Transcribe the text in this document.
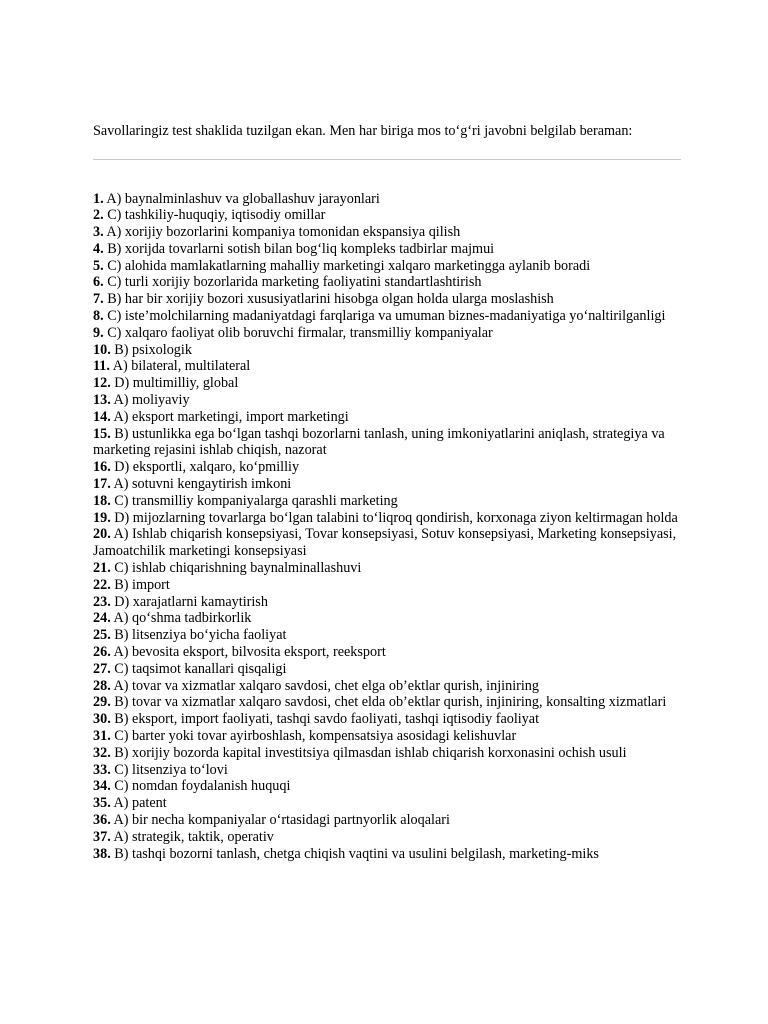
Savollaringiz test shaklida tuzilgan ekan. Men har biriga mos to‘g‘ri javobni belgilab beraman:

1. A) baynalminlashuv va globallashuv jarayonlari
2. C) tashkiliy-huquqiy, iqtisodiy omillar
3. A) xorijiy bozorlarini kompaniya tomonidan ekspansiya qilish
4. B) xorijda tovarlarni sotish bilan bog‘liq kompleks tadbirlar majmui
5. C) alohida mamlakatlarning mahalliy marketingi xalqaro marketingga aylanib boradi
6. C) turli xorijiy bozorlarida marketing faoliyatini standartlashtirish
7. B) har bir xorijiy bozori xususiyatlarini hisobga olgan holda ularga moslashish
8. C) iste’molchilarning madaniyatdagi farqlariga va umuman biznes-madaniyatiga yo‘naltirilganligi
9. C) xalqaro faoliyat olib boruvchi firmalar, transmilliy kompaniyalar
10. B) psixologik
11. A) bilateral, multilateral
12. D) multimilliy, global
13. A) moliyaviy
14. A) eksport marketingi, import marketingi
15. B) ustunlikka ega bo‘lgan tashqi bozorlarni tanlash, uning imkoniyatlarini aniqlash, strategiya va marketing rejasini ishlab chiqish, nazorat
16. D) eksportli, xalqaro, ko‘pmilliy
17. A) sotuvni kengaytirish imkoni
18. C) transmilliy kompaniyalarga qarashli marketing
19. D) mijozlarning tovarlarga bo‘lgan talabini to‘liqroq qondirish, korxonaga ziyon keltirmagan holda
20. A) Ishlab chiqarish konsepsiyasi, Tovar konsepsiyasi, Sotuv konsepsiyasi, Marketing konsepsiyasi, Jamoatchilik marketingi konsepsiyasi
21. C) ishlab chiqarishning baynalminallashuvi
22. B) import
23. D) xarajatlarni kamaytirish
24. A) qo‘shma tadbirkorlik
25. B) litsenziya bo‘yicha faoliyat
26. A) bevosita eksport, bilvosita eksport, reeksport
27. C) taqsimot kanallari qisqaligi
28. A) tovar va xizmatlar xalqaro savdosi, chet elga ob’ektlar qurish, injiniring
29. B) tovar va xizmatlar xalqaro savdosi, chet elda ob’ektlar qurish, injiniring, konsalting xizmatlari
30. B) eksport, import faoliyati, tashqi savdo faoliyati, tashqi iqtisodiy faoliyat
31. C) barter yoki tovar ayirboshlash, kompensatsiya asosidagi kelishuvlar
32. B) xorijiy bozorda kapital investitsiya qilmasdan ishlab chiqarish korxonasini ochish usuli
33. C) litsenziya to‘lovi
34. C) nomdan foydalanish huquqi
35. A) patent
36. A) bir necha kompaniyalar o‘rtasidagi partnyorlik aloqalari
37. A) strategik, taktik, operativ
38. B) tashqi bozorni tanlash, chetga chiqish vaqtini va usulini belgilash, marketing-miks
